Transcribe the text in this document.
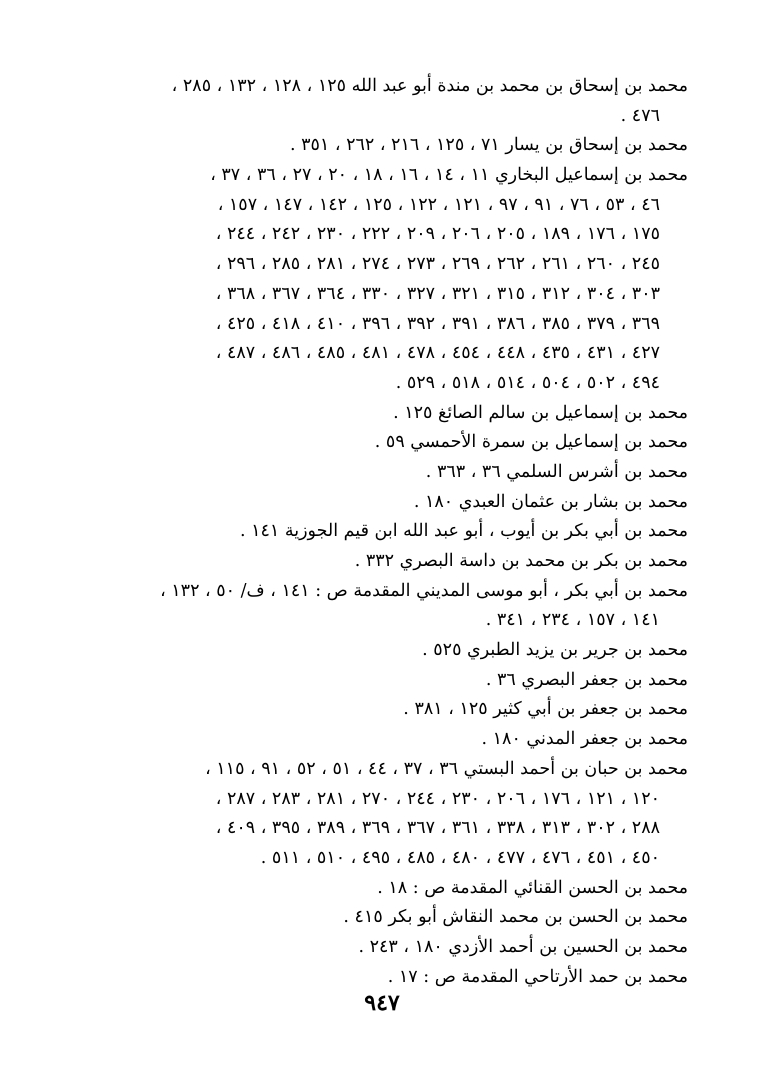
محمد بن إسحاق بن محمد بن مندة أبو عبد الله ١٢٥ ، ١٢٨ ، ١٣٢ ، ٢٨٥ ،
٤٧٦ .
محمد بن إسحاق بن يسار ٧١ ، ١٢٥ ، ٢١٦ ، ٢٦٢ ، ٣٥١ .
محمد بن إسماعيل البخاري ١١ ، ١٤ ، ١٦ ، ١٨ ، ٢٠ ، ٢٧ ، ٣٦ ، ٣٧ ،
٤٦ ، ٥٣ ، ٧٦ ، ٩١ ، ٩٧ ، ١٢١ ، ١٢٢ ، ١٢٥ ، ١٤٢ ، ١٤٧ ، ١٥٧ ،
١٧٥ ، ١٧٦ ، ١٨٩ ، ٢٠٥ ، ٢٠٦ ، ٢٠٩ ، ٢٢٢ ، ٢٣٠ ، ٢٤٢ ، ٢٤٤ ،
٢٤٥ ، ٢٦٠ ، ٢٦١ ، ٢٦٢ ، ٢٦٩ ، ٢٧٣ ، ٢٧٤ ، ٢٨١ ، ٢٨٥ ، ٢٩٦ ،
٣٠٣ ، ٣٠٤ ، ٣١٢ ، ٣١٥ ، ٣٢١ ، ٣٢٧ ، ٣٣٠ ، ٣٦٤ ، ٣٦٧ ، ٣٦٨ ،
٣٦٩ ، ٣٧٩ ، ٣٨٥ ، ٣٨٦ ، ٣٩١ ، ٣٩٢ ، ٣٩٦ ، ٤١٠ ، ٤١٨ ، ٤٢٥ ،
٤٢٧ ، ٤٣١ ، ٤٣٥ ، ٤٤٨ ، ٤٥٤ ، ٤٧٨ ، ٤٨١ ، ٤٨٥ ، ٤٨٦ ، ٤٨٧ ،
٤٩٤ ، ٥٠٢ ، ٥٠٤ ، ٥١٤ ، ٥١٨ ، ٥٢٩ .
محمد بن إسماعيل بن سالم الصائغ ١٢٥ .
محمد بن إسماعيل بن سمرة الأحمسي ٥٩ .
محمد بن أشرس السلمي ٣٦ ، ٣٦٣ .
محمد بن بشار بن عثمان العبدي ١٨٠ .
محمد بن أبي بكر بن أيوب ، أبو عبد الله ابن قيم الجوزية ١٤١ .
محمد بن بكر بن محمد بن داسة البصري ٣٣٢ .
محمد بن أبي بكر ، أبو موسى المديني المقدمة ص : ١٤١ ، ف/ ٥٠ ، ١٣٢ ،
١٤١ ، ١٥٧ ، ٢٣٤ ، ٣٤١ .
محمد بن جرير بن يزيد الطبري ٥٢٥ .
محمد بن جعفر البصري ٣٦ .
محمد بن جعفر بن أبي كثير ١٢٥ ، ٣٨١ .
محمد بن جعفر المدني ١٨٠ .
محمد بن حبان بن أحمد البستي ٣٦ ، ٣٧ ، ٤٤ ، ٥١ ، ٥٢ ، ٩١ ، ١١٥ ،
١٢٠ ، ١٢١ ، ١٧٦ ، ٢٠٦ ، ٢٣٠ ، ٢٤٤ ، ٢٧٠ ، ٢٨١ ، ٢٨٣ ، ٢٨٧ ،
٢٨٨ ، ٣٠٢ ، ٣١٣ ، ٣٣٨ ، ٣٦١ ، ٣٦٧ ، ٣٦٩ ، ٣٨٩ ، ٣٩٥ ، ٤٠٩ ،
٤٥٠ ، ٤٥١ ، ٤٧٦ ، ٤٧٧ ، ٤٨٠ ، ٤٨٥ ، ٤٩٥ ، ٥١٠ ، ٥١١ .
محمد بن الحسن القنائي المقدمة ص : ١٨ .
محمد بن الحسن بن محمد النقاش أبو بكر ٤١٥ .
محمد بن الحسين بن أحمد الأزدي ١٨٠ ، ٢٤٣ .
محمد بن حمد الأرتاحي المقدمة ص : ١٧ .
٩٤٧
